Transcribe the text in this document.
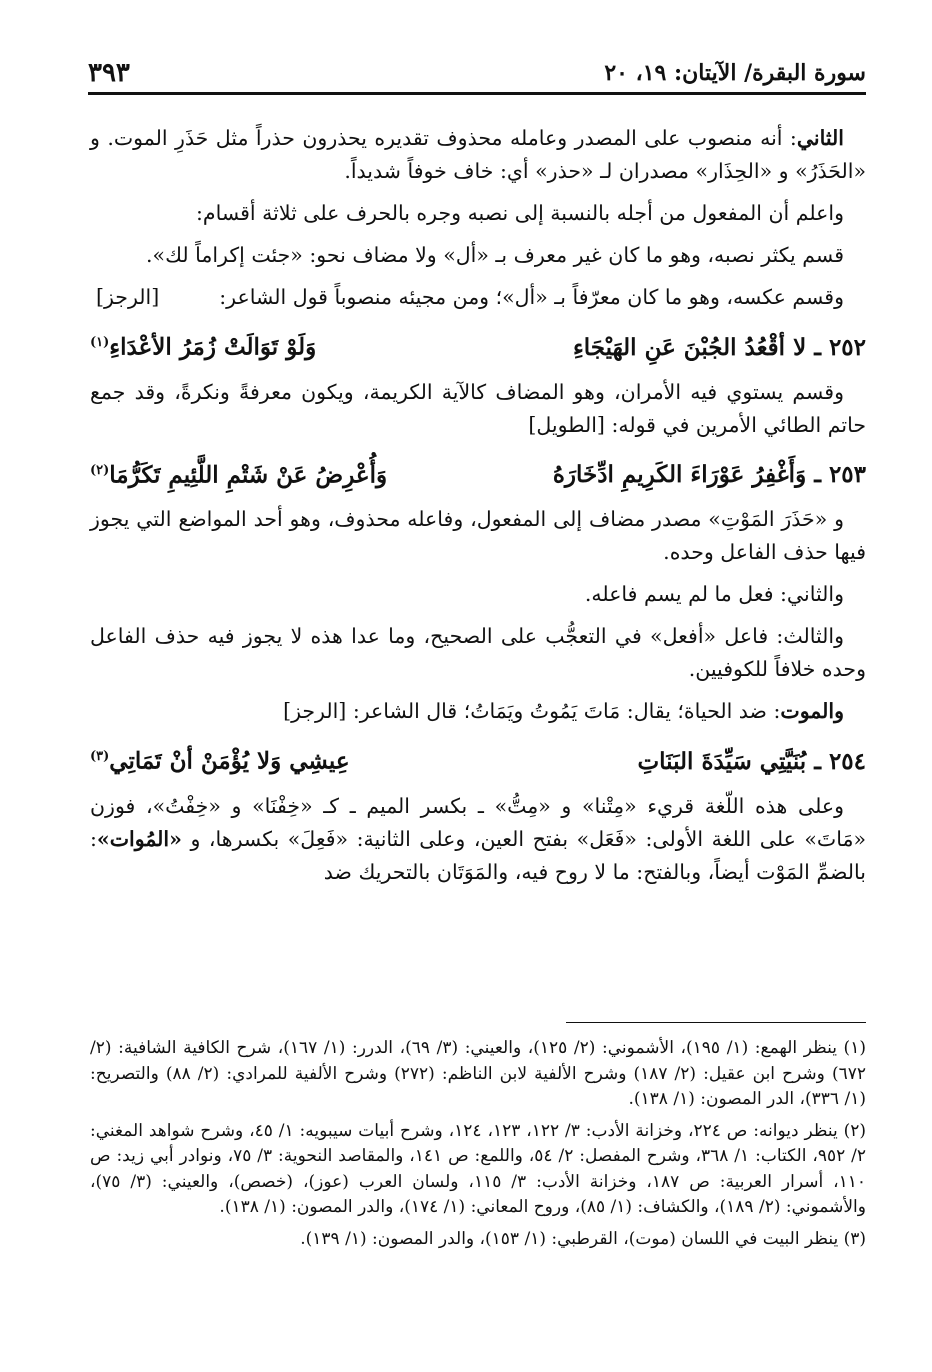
سورة البقرة/ الآيتان: ١٩، ٢٠
٣٩٣

الثاني: أنه منصوب على المصدر وعامله محذوف تقديره يحذرون حذراً مثل حَذَرِ الموت. و «الحَذَرُ» و «الحِذَار» مصدران لـ «حذر» أي: خاف خوفاً شديداً.

واعلم أن المفعول من أجله بالنسبة إلى نصبه وجره بالحرف على ثلاثة أقسام:

قسم يكثر نصبه، وهو ما كان غير معرف بـ «أل» ولا مضاف نحو: «جئت إكراماً لك».

وقسم عكسه، وهو ما كان معرّفاً بـ «أل»؛ ومن مجيئه منصوباً قول الشاعر:
[الرجز]

٢٥٢ ـ
لا أقْعُدُ الجُبْنَ عَنِ الهَيْجَاءِ
وَلَوْ تَوَالَتْ زُمَرُ الأعْدَاءِ$^{(١)}$

وقسم يستوي فيه الأمران، وهو المضاف كالآية الكريمة، ويكون معرفةً ونكرةً، وقد جمع حاتم الطائي الأمرين في قوله: [الطويل]

٢٥٣ ـ
وَأَغْفِرُ عَوْرَاءَ الكَرِيمِ ادِّخَارَهُ
وَأُعْرِضُ عَنْ شَتْمِ اللَّئِيمِ تَكَرُّمَا$^{(٢)}$

و «حَذَرَ المَوْتِ» مصدر مضاف إلى المفعول، وفاعله محذوف، وهو أحد المواضع التي يجوز فيها حذف الفاعل وحده.

والثاني: فعل ما لم يسم فاعله.

والثالث: فاعل «أفعل» في التعجُّب على الصحيح، وما عدا هذه لا يجوز فيه حذف الفاعل وحده خلافاً للكوفيين.

والموت: ضد الحياة؛ يقال: مَاتَ يَمُوتُ ويَمَاتُ؛ قال الشاعر: [الرجز]

٢٥٤ ـ
بُنَيَّتِي سَيِّدَةَ البَنَاتِ
عِيشِي وَلا يُؤْمَنْ أنْ تَمَاتِي$^{(٣)}$

وعلى هذه اللّغة قريء «مِتْنا» و «مِتُّ» ـ بكسر الميم ـ كـ «خِفْنَا» و «خِفْتُ»، فوزن «مَاتَ» على اللغة الأولى: «فَعَل» بفتح العين، وعلى الثانية: «فَعِلَ» بكسرها، و «المُوات»: بالضمِّ المَوْت أيضاً، وبالفتح: ما لا روح فيه، والمَوَتَان بالتحريك ضد

(١) ينظر الهمع: (١/ ١٩٥)، الأشموني: (٢/ ١٢٥)، والعيني: (٣/ ٦٩)، الدرر: (١/ ١٦٧)، شرح الكافية الشافية: (٢/ ٦٧٢) وشرح ابن عقيل: (٢/ ١٨٧) وشرح الألفية لابن الناظم: (٢٧٢) وشرح الألفية للمرادي: (٢/ ٨٨) والتصريح: (١/ ٣٣٦)، الدر المصون: (١/ ١٣٨).

(٢) ينظر ديوانه: ص ٢٢٤، وخزانة الأدب: ٣/ ١٢٢، ١٢٣، ١٢٤، وشرح أبيات سيبويه: ١/ ٤٥، وشرح شواهد المغني: ٢/ ٩٥٢، الكتاب: ١/ ٣٦٨، وشرح المفصل: ٢/ ٥٤، واللمع: ص ١٤١، والمقاصد النحوية: ٣/ ٧٥، ونوادر أبي زيد: ص ١١٠، أسرار العربية: ص ١٨٧، وخزانة الأدب: ٣/ ١١٥، ولسان العرب (عوز)، (خصص)، والعيني: (٣/ ٧٥)، والأشموني: (٢/ ١٨٩)، والكشاف: (١/ ٨٥)، وروح المعاني: (١/ ١٧٤)، والدر المصون: (١/ ١٣٨).

(٣) ينظر البيت في اللسان (موت)، القرطبي: (١/ ١٥٣)، والدر المصون: (١/ ١٣٩).
